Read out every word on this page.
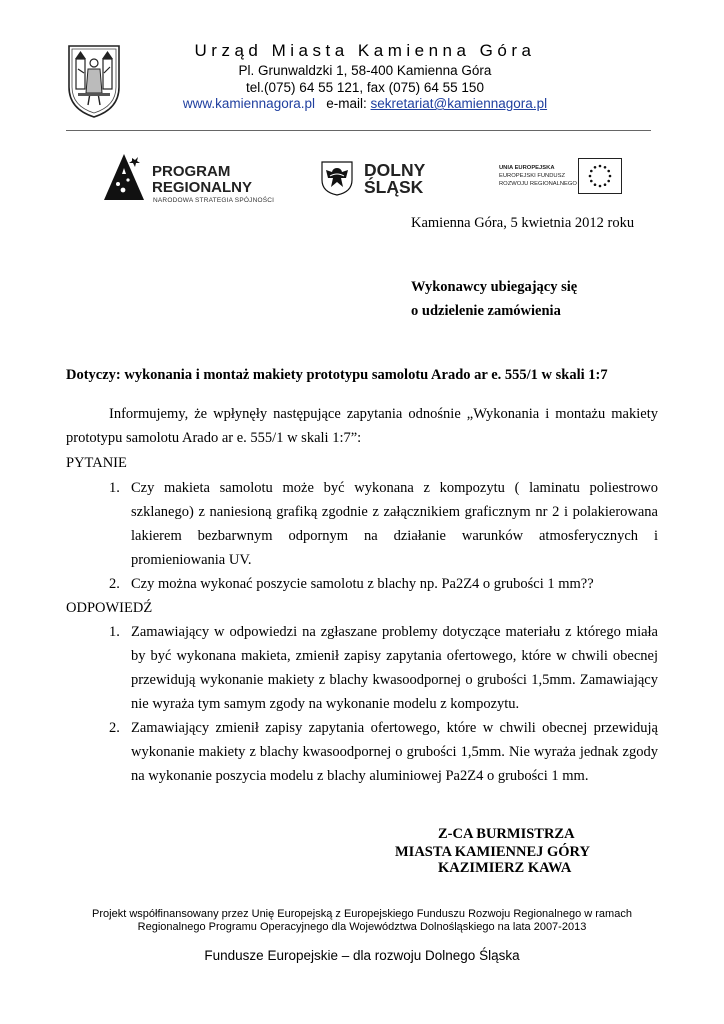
Urząd Miasta Kamienna Góra
Pl. Grunwaldzki 1, 58-400 Kamienna Góra
tel.(075) 64 55 121, fax (075) 64 55 150
www.kamiennagora.pl e-mail: sekretariat@kamiennagora.pl
PROGRAM
REGIONALNY
NARODOWA STRATEGIA SPÓJNOŚCI
DOLNY
ŚLĄSK
UNIA EUROPEJSKA
EUROPEJSKI FUNDUSZ
ROZWOJU REGIONALNEGO
Kamienna Góra, 5 kwietnia 2012 roku
Wykonawcy ubiegający się
o udzielenie zamówienia
Dotyczy: wykonania i montaż makiety prototypu samolotu Arado ar e. 555/1 w skali 1:7
Informujemy, że wpłynęły następujące zapytania odnośnie „Wykonania i montażu makiety prototypu samolotu Arado ar e. 555/1 w skali 1:7”:
PYTANIE
1. Czy makieta samolotu może być wykonana z kompozytu ( laminatu poliestrowo szklanego) z naniesioną grafiką zgodnie z załącznikiem graficznym nr 2 i polakierowana lakierem bezbarwnym odpornym na działanie warunków atmosferycznych i promieniowania UV.
2. Czy można wykonać poszycie samolotu z blachy np. Pa2Z4 o grubości 1 mm??
ODPOWIEDŹ
1. Zamawiający w odpowiedzi na zgłaszane problemy dotyczące materiału z którego miała by być wykonana makieta, zmienił zapisy zapytania ofertowego, które w chwili obecnej przewidują wykonanie makiety z blachy kwasoodpornej o grubości 1,5mm. Zamawiający nie wyraża tym samym zgody na wykonanie modelu z kompozytu.
2. Zamawiający zmienił zapisy zapytania ofertowego, które w chwili obecnej przewidują wykonanie makiety z blachy kwasoodpornej o grubości 1,5mm. Nie wyraża jednak zgody na wykonanie poszycia modelu z blachy aluminiowej Pa2Z4 o grubości 1 mm.
Z-CA BURMISTRZA
MIASTA KAMIENNEJ GÓRY
KAZIMIERZ KAWA
Projekt współfinansowany przez Unię Europejską z Europejskiego Funduszu Rozwoju Regionalnego w ramach
Regionalnego Programu Operacyjnego dla Województwa Dolnośląskiego na lata 2007-2013
Fundusze Europejskie – dla rozwoju Dolnego Śląska
